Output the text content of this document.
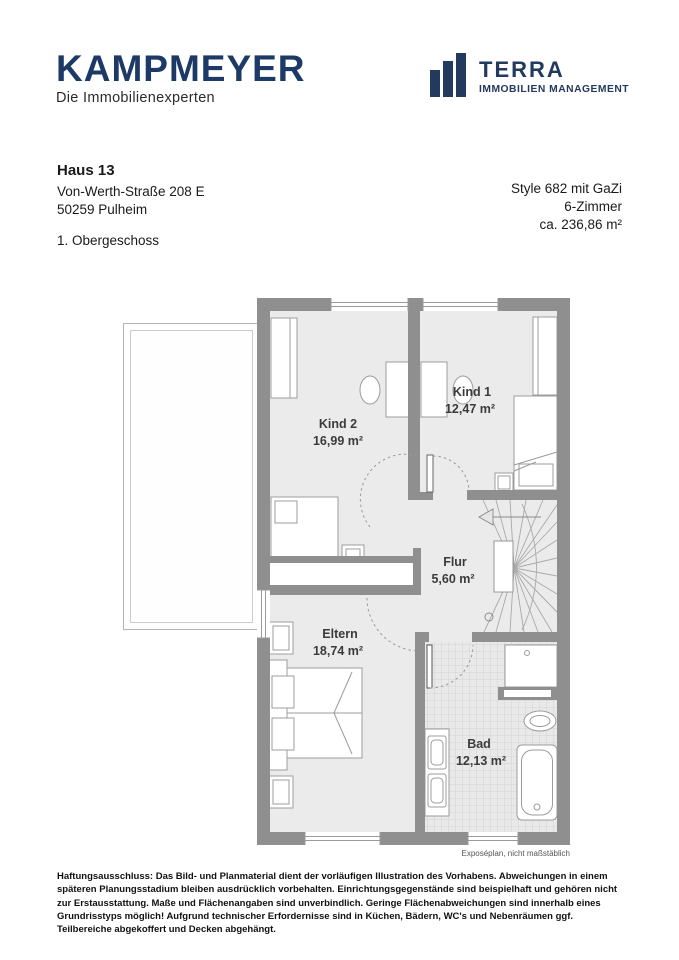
KAMPMEYER
Die Immobilienexperten
TERRA
IMMOBILIEN MANAGEMENT
Haus 13
Von-Werth-Straße 208 E
50259 Pulheim
1. Obergeschoss
Style 682 mit GaZi
6-Zimmer
ca. 236,86 m²
Kind 2
16,99 m²
Kind 1
12,47 m²
Flur
5,60 m²
Eltern
18,74 m²
Bad
12,13 m²
Exposéplan, nicht maßstäblich
Haftungsausschluss: Das Bild- und Planmaterial dient der vorläufigen Illustration des Vorhabens. Abweichungen in einem späteren Planungsstadium bleiben ausdrücklich vorbehalten. Einrichtungsgegenstände sind beispielhaft und gehören nicht zur Erstausstattung. Maße und Flächenangaben sind unverbindlich. Geringe Flächenabweichungen sind innerhalb eines Grundrisstyps möglich! Aufgrund technischer Erfordernisse sind in Küchen, Bädern, WC's und Nebenräumen ggf. Teilbereiche abgekoffert und Decken abgehängt.
